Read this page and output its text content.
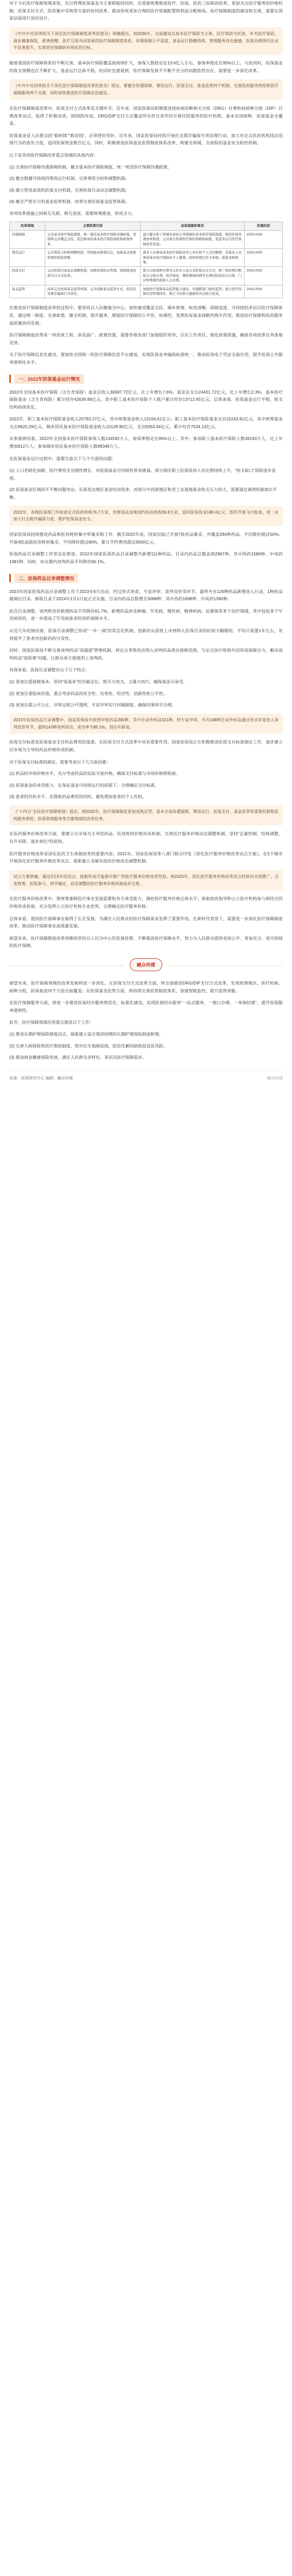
对于今后医疗保障领域来说，在以管理医保基金为主要职能的同时，还需要统筹推进医疗、医保、医药三医联动改革，更加关注医疗服务的价格机制、医保支付方式、医药集中采购等方面的协同改革，推动形成更加合理的医疗资源配置和利益分配格局。医疗保障制度的建设和完善，需要在国家层面进行顶层设计。

《中共中央国务院关于深化医疗保障制度改革的意见》明确提出，到2030年，全面建成以基本医疗保险为主体，医疗救助为托底，补充医疗保险、商业健康保险、慈善捐赠、医疗互助共同发展的医疗保障制度体系，待遇保障公平适度，基金运行稳健持续，管理服务优化便捷，医保治理现代化水平显著提升，实现更好保障病有所医的目标。

随着我国医疗保障体系的不断完善，基本医疗保险覆盖面持续扩大，参保人数稳定在13.6亿人左右，参保率稳定在95%以上。与此同时，医保基金的收支规模也在不断扩大，基金运行总体平稳。但同时也要看到，医疗保障发展不平衡不充分的问题依然存在，需要进一步深化改革。

《中共中央国务院关于深化医疗保障制度改革的意见》提出，要健全待遇保障、筹资运行、医保支付、基金监管四个机制，完善医药服务供给和医疗保障服务两个支撑，同时加快推进医疗保障法治建设。

在医疗保障制度改革中，医保支付方式改革是关键环节。近年来，国家医保局积极推进按疾病诊断相关分组（DRG）付费和按病种分值（DIP）付费改革试点，取得了积极成效。到2025年底，DRG/DIP支付方式覆盖所有符合条件的开展住院服务的医疗机构，基本实现病种、医保基金全覆盖。

医保基金是人民群众的"看病钱""救命钱"，必须管好用好。近年来，国家医保局持续开展打击欺诈骗保专项治理行动，加大对定点医药机构违法违规行为的查处力度，追回医保资金数百亿元。同时，积极推进医保基金监管制度体系改革，构建全领域、全流程的基金安全防控机制。

以下是各项医疗保障改革重点领域的具体内容：

(1) 完善医疗保障待遇保障机制，健全基本医疗保险制度，统一规范医疗保障待遇政策。

(2) 健全稳健可持续的筹资运行机制，完善筹资分担和调整机制。

(3) 建立管用高效的医保支付机制，完善医保目录动态调整机制。

(4) 健全严密有力的基金监管机制，改革完善医保基金监管体制。

各项改革措施之间相互关联、相互促进，需要统筹推进，形成合力。

改革领域	主要政策内容	具体措施和要求	实施时间
待遇保障	完善基本医疗保险制度，统一规范基本医疗保险待遇政策，坚持和完善覆盖全民、依法参加的基本医疗保险制度和政策体系。	建立健全职工和城乡居民分类保障的基本医疗保险制度，规范医保待遇清单制度；完善重大疾病医疗保险和救助制度，促进多层次医疗保障体系发展。	2020-2025
筹资运行	完善筹资分担和调整机制，巩固提高统筹层次，加强基金预算管理和风险预警。	就业人员参加基本医疗保险由用人单位和个人共同缴费；非就业人员参加基本医疗保险由个人缴费，政府按规定给予补助；推进省级统筹。	2020-2025
医保支付	完善医保目录动态调整机制，创新医保协议管理，持续推进医保支付方式改革。	推行以按病种付费为主的多元复合式医保支付方式，推广按疾病诊断相关分组付费，医疗康复、慢性精神疾病等长期住院按床日付费，门诊特殊慢性病按人头付费。	2020-2025
基金监管	改革完善医保基金监管体制，完善创新基金监管方式，依法追究欺诈骗保行为责任。	加强医疗保障基金监管能力建设，实施跨部门协同监管；建立医疗保障信用管理体系，推行守信联合激励和失信联合惩戒。	2020-2030

在推进医疗保障制度改革的过程中，要坚持以人民健康为中心，加快建成覆盖全民、城乡统筹、权责清晰、保障适度、可持续的多层次医疗保障体系，通过统一制度、完善政策、健全机制、提升服务，增强医疗保障的公平性、协调性，发挥医保基金战略性购买作用，推进医疗保障和医药服务高质量协同发展。

医疗保障制度改革是一项系统工程，涉及面广、政策性强，需要各地各部门加强组织领导，压实工作责任，细化政策措施，确保各项改革任务落地见效。

关于医疗保障信息化建设，要加快全国统一的医疗保障信息平台建设，实现医保业务编码标准统一，推动医保电子凭证全面应用，提升医保公共服务便利化水平。

一、2022年医保基金运行情况

2022年全国基本医疗保险（含生育保险）基金总收入30697.72亿元，比上年增长7.6%；基金总支出24431.72亿元，比上年增长2.3%。基本医疗保险基金（含生育保险）累计结存42639.89亿元，其中职工基本医疗保险个人账户累计结存13712.65亿元。总体来看，医保基金运行平稳，收支结构持续优化。

2022年，职工基本医疗保险基金收入20793.27亿元，其中统筹基金收入13164.61亿元；职工基本医疗保险基金支出15243.81亿元，其中统筹基金支出9620.29亿元。城乡居民基本医疗保险基金收入10128.90亿元，支出9353.44亿元，累计结存7534.13亿元。

从参保情况看，2022年全国基本医疗保险参保人数134592万人，参保率稳定在95%以上。其中，参加职工基本医疗保险人数36243万人，比上年增加812万人；参加城乡居民基本医疗保险人数98349万人。

在医保基金运行过程中，需要注意以下几个方面的问题：

(1) 人口老龄化加剧，医疗费用支出刚性增长，对医保基金可持续性带来挑战。部分地区职工医保退休人员比例持续上升，"收支缺口"风险逐步显现。

(2) 医保基金区域间不平衡问题突出。东部发达地区基金结余较多，而部分中西部地区和老工业基地基金收支压力较大，需要通过调剂机制加以平衡。

2022年，各级医保部门共检查定点医药机构76.7万家，处理违法违规违约医药机构39.8万家，追回医保资金188.4亿元；组织开展飞行检查，进一步加大打击欺诈骗保力度，维护医保基金安全。

国家医保局持续推进药品和医用耗材集中带量采购工作，截至2022年底，国家层面已开展7批药品集采，共覆盖294种药品，平均降价超过50%；开展4批高值医用耗材集采，平均降价超过80%，累计节约费用超过3000亿元。

医保药品目录调整工作常态化推进。2022年国家医保药品目录调整共新增111种药品，目录内药品总数达到2967种，其中西药1586种、中成药1381种。同时，协议期内谈判药品平均降价60.1%。

二、医保药品目录调整情况

2023年国家医保药品目录调整工作于2023年6月启动，经过形式审查、专家评审、谈判竞价等环节，最终共有126种药品新增进入目录，1种药品被调出目录。新版目录于2024年1月1日起正式实施，目录内药品总数增至3088种，其中西药1698种、中成药1390种。

此次目录调整，谈判和竞价新增药品平均降价61.7%。新增药品涉及肿瘤、罕见病、慢性病、精神疾病、抗感染等多个治疗领域，其中包括多个罕见病用药，进一步提高了罕见病患者的用药保障水平。

从近几年的情况看，医保目录调整已形成"一年一调"的常态化机制，创新药从获批上市到纳入医保目录的时间大幅缩短，平均只需要1年左右，有效提升了患者对创新药的可及性。

同时，国家医保局不断完善谈判药品"双通道"管理机制，将定点零售药店纳入谈判药品供应保障范围，与定点医疗机构共同形成保障合力，解决谈判药品"进院难"问题，让群众更方便地用上谈判药。

具体来看，医保目录调整有以下几个特点：

(1) 更加注重保障基本。坚持"保基本"的功能定位，既尽力而为，又量力而行，确保基金可承受。

(2) 更加注重临床价值。重点考虑药品的安全性、有效性、经济性、创新性和公平性。

(3) 更加注重公平公正。评审过程公开透明，专家评审实行回避制度，确保结果科学合理。

2023年医保药品目录调整中，国家医保局共收到申报药品390种，其中目录外药品321种。经专家评审，共有168种目录外药品通过形式审查进入谈判竞价环节，最终143种谈判成功，成功率为85.1%，创历年新高。

医保支付标准是医保基金支付药品费用的基准，在医保支付方式改革中具有重要作用。国家医保局正在积极推进医保支付标准制定工作，逐步建立以市场为主导的药品价格形成机制。

对于医保支付标准的制定，需要考虑以下几方面因素：

(1) 药品的市场价格水平，充分考虑药品的实际交易价格，确保支付标准与市场价格相衔接。

(2) 医保基金的承受能力，在保证基金可持续运行的前提下，合理确定支付标准。

(3) 患者的负担水平，在降低药品费用的同时，避免增加患者的个人负担。

《"十四五"全民医疗保障规划》提出，到2025年，医疗保障制度更加成熟定型，基本完成待遇保障、筹资运行、医保支付、基金监管等重要机制和医药服务供给、医保管理服务等关键领域的改革任务。

在医药服务价格改革方面，要建立以市场为主导的药品、医用耗材价格形成机制，完善医疗服务价格动态调整机制，坚持"总量控制、结构调整、有升有降、逐步到位"的原则。

医疗服务价格改革是深化医药卫生体制改革的重要内容。2021年，国家医保局等八部门联合印发《深化医疗服务价格改革试点方案》，在5个城市开展深化医疗服务价格改革试点，探索建立灵敏有度的价格动态调整机制。

试点方案明确，通过3至5年的试点，探索形成可复制可推广的医疗服务价格改革经验。到2025年，深化医疗服务价格改革试点经验向全国推广，分类管理、医院参与、科学确定、动态调整的医疗服务价格机制逐步完善。

在医疗服务价格改革中，要统筹兼顾医疗事业发展需要和各方承受能力，调控医疗服务价格总体水平；探索政府指导和公立医疗机构参与相结合的价格形成机制，充分发挥公立医疗机构专业优势，合理确定医疗服务价格。

总体来看，我国医疗保障事业取得了长足发展，为满足人民群众的医疗保障需求发挥了重要作用。在新时代背景下，需要进一步深化医疗保障制度改革，推动医疗保障事业高质量发展。

展望未来，医疗保障制度改革将继续坚持以人民为中心的发展思想，不断提高医疗保障水平，努力为人民群众提供更加公平、更加充分、更可持续的医疗保障。

融众传媒

展望未来，医疗保障领域的改革发展将进一步深化。在医保支付方式改革方面，将全面推进DRG/DIP支付方式改革，实现统筹地区、医疗机构、病种分组、医保基金四个方面全面覆盖；在医保基金监管方面，将持续完善监管制度体系，加强智能监控，提升监管效能。

在医疗保障服务方面，将进一步推进医保经办服务规范化、标准化建设，实现医保经办服务"一站式服务、一窗口办理、一单制结算"，提升医保服务便利性。

此外，医疗保障领域还将重点推进以下工作：

(1) 推进长期护理保险制度试点，探索建立适合我国国情的长期护理保险制度框架。

(2) 完善大病保险和医疗救助制度，筑牢民生保障底线，防范化解因病致贫返贫风险。

(3) 推动商业健康保险发展，满足人民群众多样化、多层次医疗保障需求。

来源：医保研究中心 编辑：融众传媒	融众传媒
